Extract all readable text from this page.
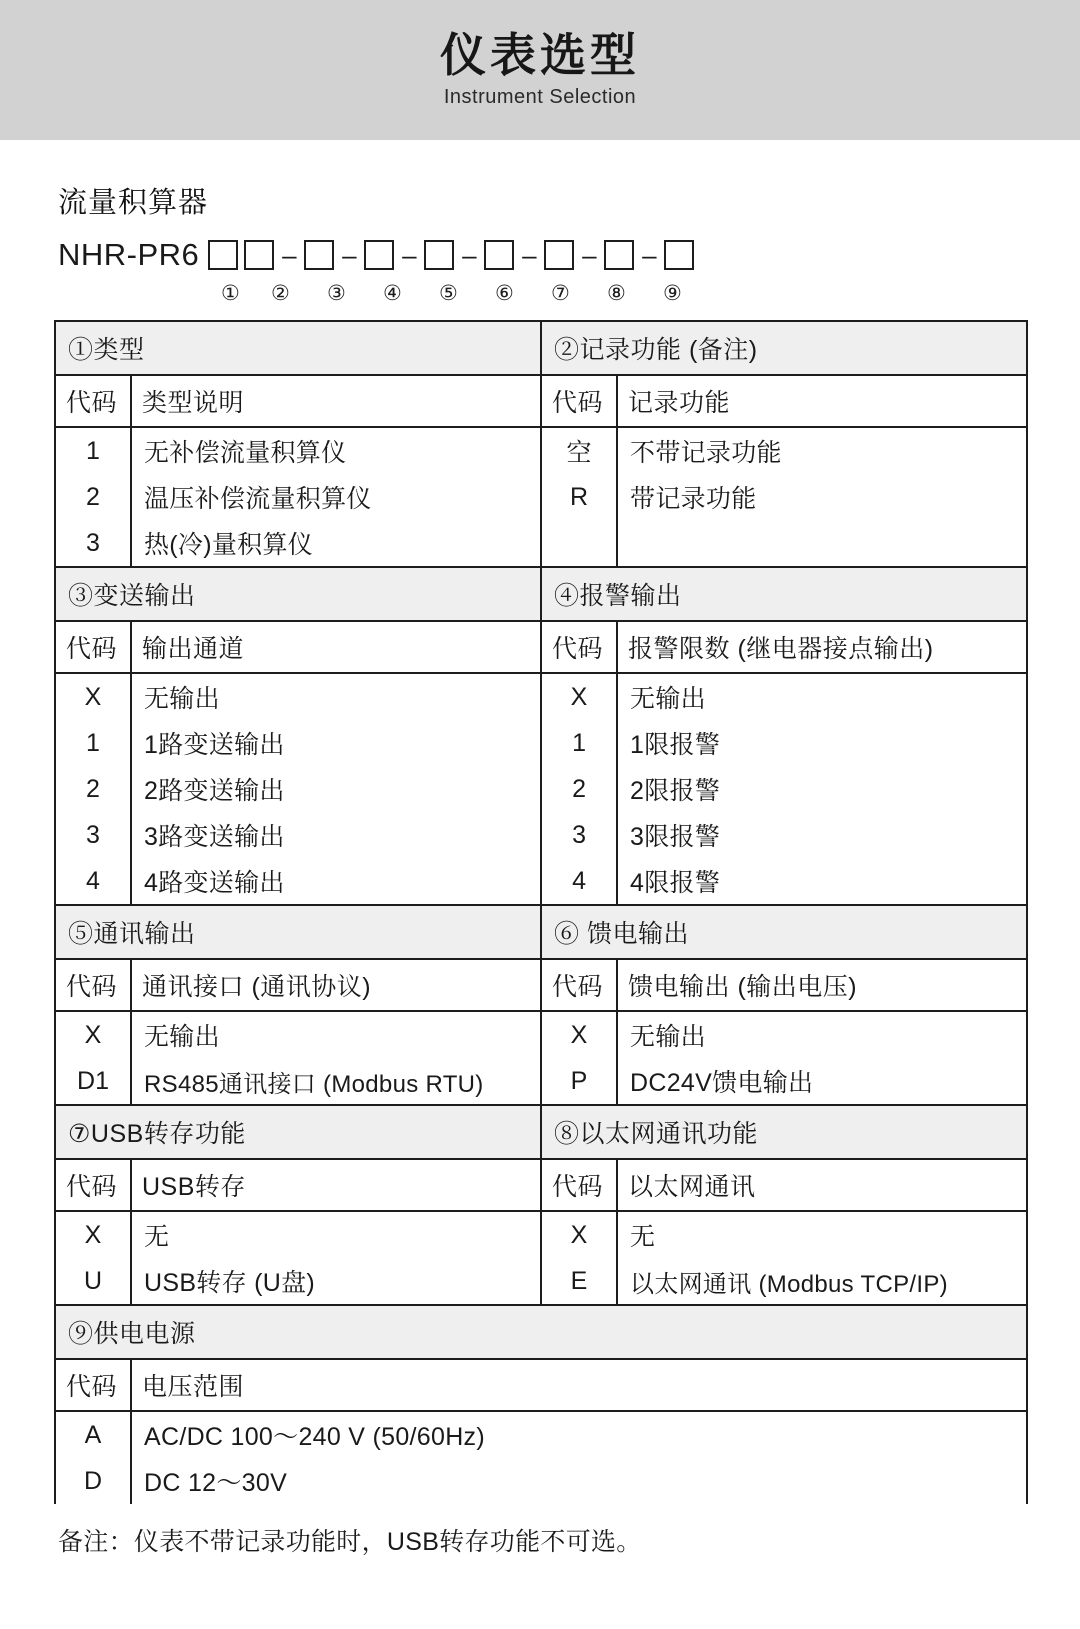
仪表选型
Instrument Selection
流量积算器
NHR-PR6	– – – – – – –
①	②	③	④	⑤	⑥	⑦	⑧	⑨
①类型		②记录功能 (备注)	
代码	类型说明	代码	记录功能
1	无补偿流量积算仪	空	不带记录功能
2	温压补偿流量积算仪	R	带记录功能
3	热(冷)量积算仪		
③变送输出		④报警输出	
代码	输出通道	代码	报警限数 (继电器接点输出)
X	无输出	X	无输出
1	1路变送输出	1	1限报警
2	2路变送输出	2	2限报警
3	3路变送输出	3	3限报警
4	4路变送输出	4	4限报警
⑤通讯输出		⑥ 馈电输出	
代码	通讯接口 (通讯协议)	代码	馈电输出 (输出电压)
X	无输出	X	无输出
D1	RS485通讯接口 (Modbus RTU)	P	DC24V馈电输出
⑦USB转存功能		⑧以太网通讯功能	
代码	USB转存	代码	以太网通讯
X	无	X	无
U	USB转存 (U盘)	E	以太网通讯 (Modbus TCP/IP)
⑨供电电源			
代码	电压范围		
A	AC/DC 100～240 V (50/60Hz)		
D	DC 12～30V		
备注：仪表不带记录功能时，USB转存功能不可选。
